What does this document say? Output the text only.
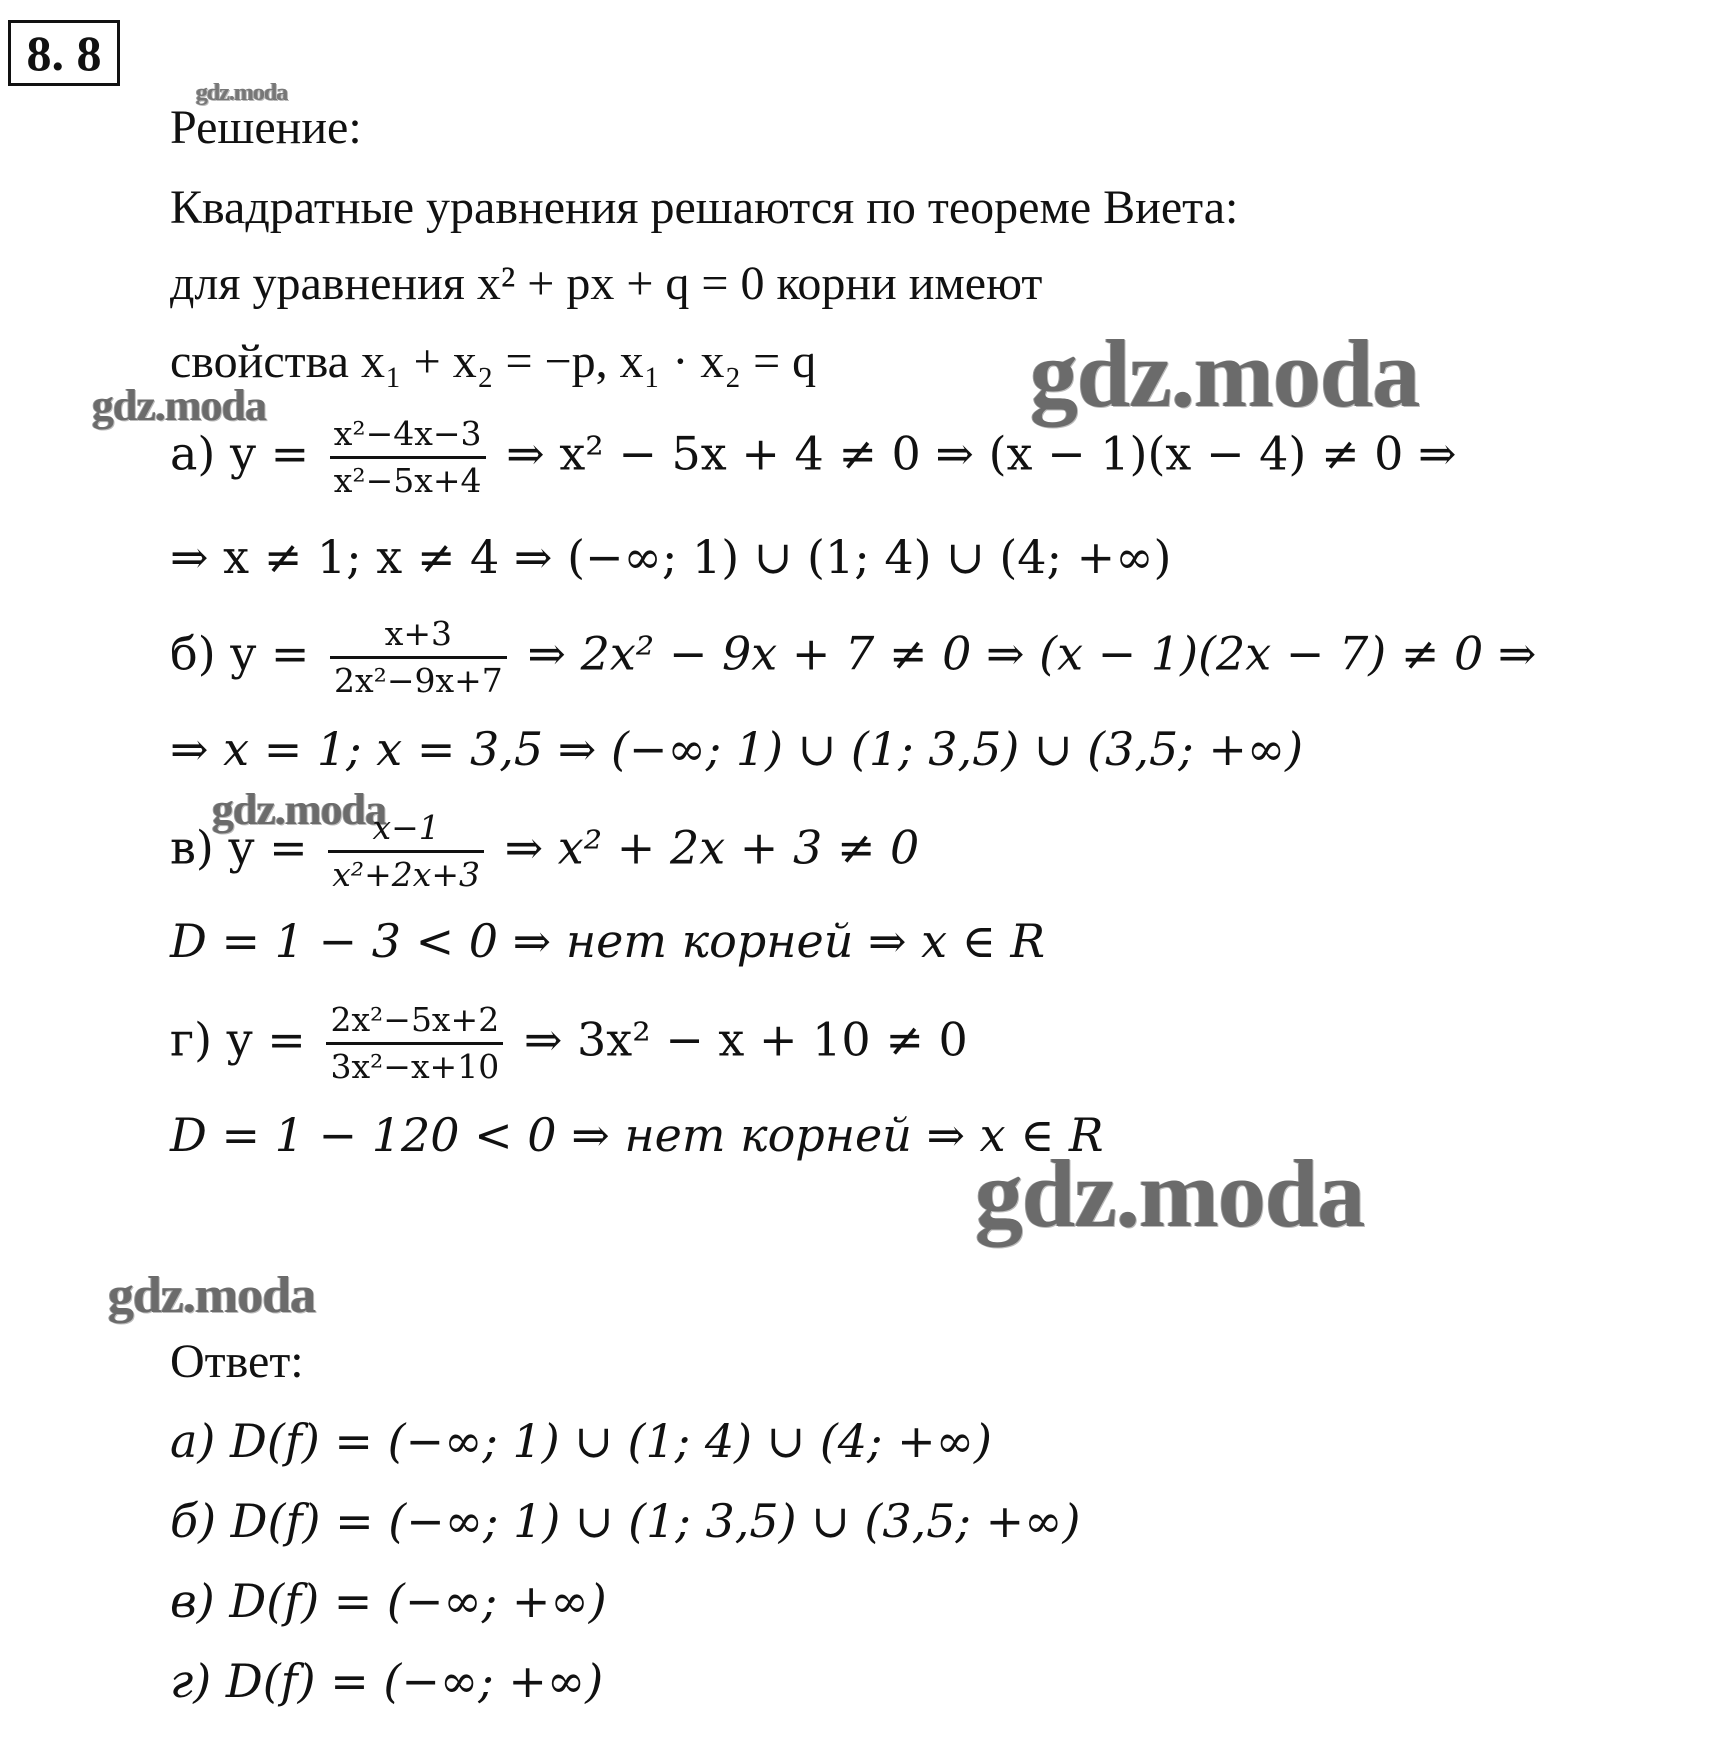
8. 8
gdz.moda
gdz.moda	gdz.moda
gdz.moda
gdz.moda
gdz.moda
Решение:
Квадратные уравнения решаются по теореме Виета:
для уравнения x² + px + q = 0 корни имеют
свойства x₁ + x₂ = −p, x₁ · x₂ = q
а) $y = \frac{\text{x²−4x−3}}{\text{x²−5x+4}}$ ⇒ x² − 5x + 4 ≠ 0 ⇒ (x − 1)(x − 4) ≠ 0 ⇒
⇒ x ≠ 1; x ≠ 4 ⇒ (−∞; 1) ∪ (1; 4) ∪ (4; +∞)
б) $y = \frac{x+3}{\text{2x²−9x+7}}$ ⇒ 2x² − 9x + 7 ≠ 0 ⇒ (x − 1)(2x − 7) ≠ 0 ⇒
⇒ x = 1; x = 3,5 ⇒ (−∞; 1) ∪ (1; 3,5) ∪ (3,5; +∞)
в) $y = \frac{x-1}{\text{x²+2x+3}}$ ⇒ x² + 2x + 3 ≠ 0
D = 1 − 3 < 0 ⇒ нет корней ⇒ x ∈ R
г) $y = \frac{\text{2x²−5x+2}}{\text{3x²−x+10}}$ ⇒ 3x² − x + 10 ≠ 0
D = 1 − 120 < 0 ⇒ нет корней ⇒ x ∈ R
Ответ:
а) D(f) = (−∞; 1) ∪ (1; 4) ∪ (4; +∞)
б) D(f) = (−∞; 1) ∪ (1; 3,5) ∪ (3,5; +∞)
в) D(f) = (−∞; +∞)
г) D(f) = (−∞; +∞)
